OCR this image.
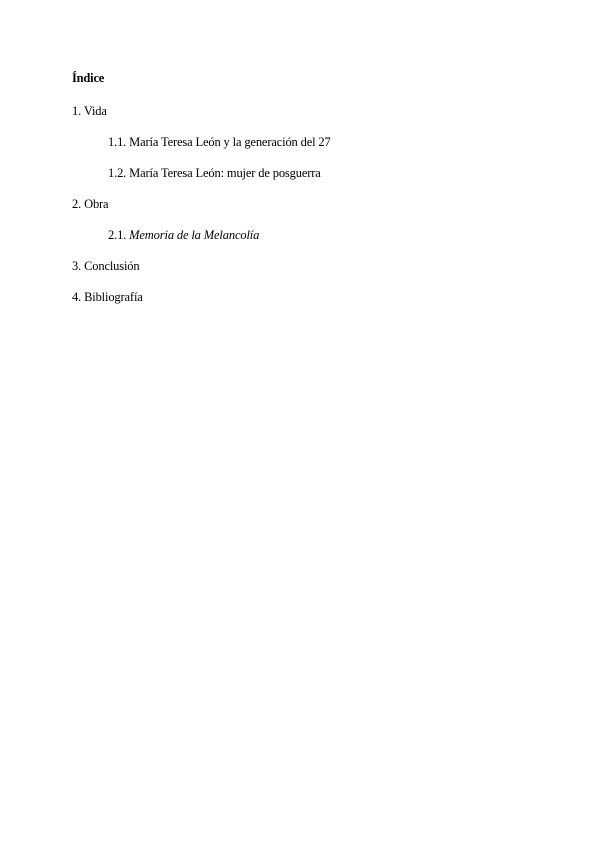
Índice
1. Vida
1.1. María Teresa León y la generación del 27
1.2. María Teresa León: mujer de posguerra
2. Obra
2.1. Memoria de la Melancolía
3. Conclusión
4. Bibliografía
